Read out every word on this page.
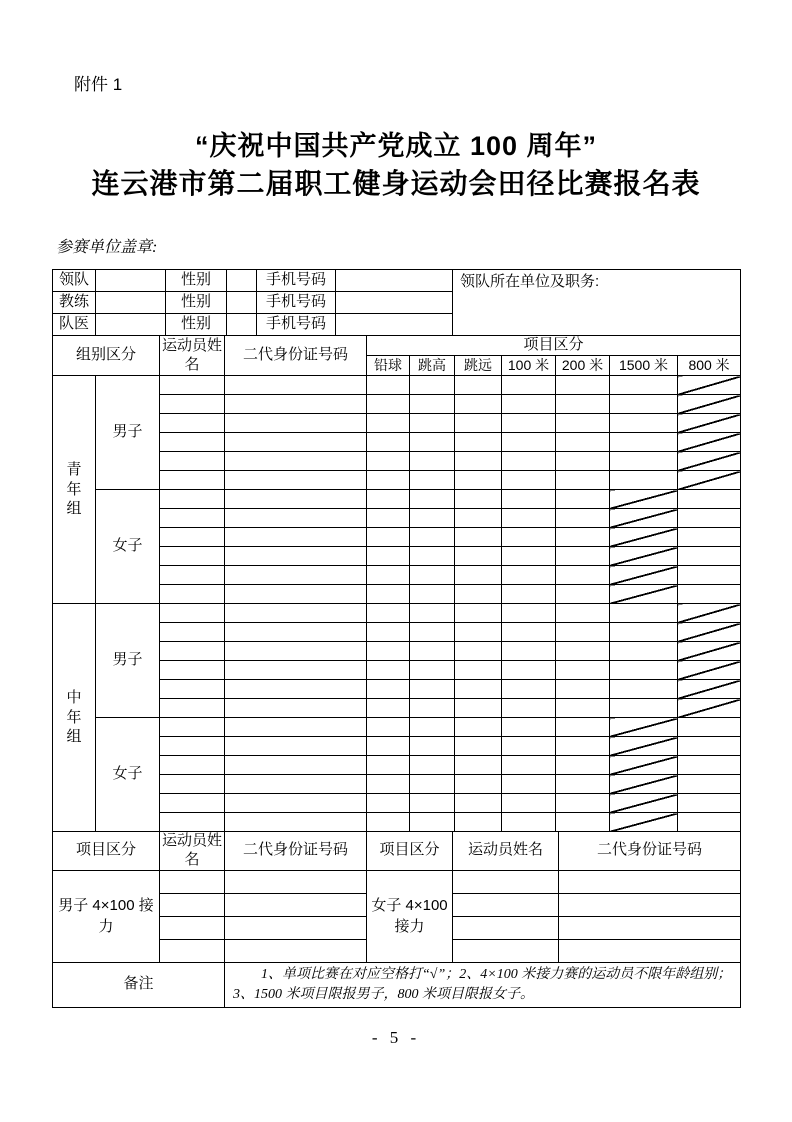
附件 1
“庆祝中国共产党成立 100 周年”
连云港市第二届职工健身运动会田径比赛报名表
参赛单位盖章:
领队		性别		手机号码		领队所在单位及职务:
教练		性别		手机号码		
队医		性别		手机号码		
组别区分		运动员姓名	二代身份证号码	项目区分						
				铅球	跳高	跳远	100 米	200 米	1500 米	800 米
青年组	男子									

	女子									

中年组	男子									

	女子									

项目区分	运动员姓名	二代身份证号码	项目区分	运动员姓名	二代身份证号码
男子 4×100 接力			女子 4×100 接力		

备注		1、单项比赛在对应空格打“√”；2、4×100 米接力赛的运动员不限年龄组别；3、1500 米项目限报男子，800 米项目限报女子。			
- 5 -
